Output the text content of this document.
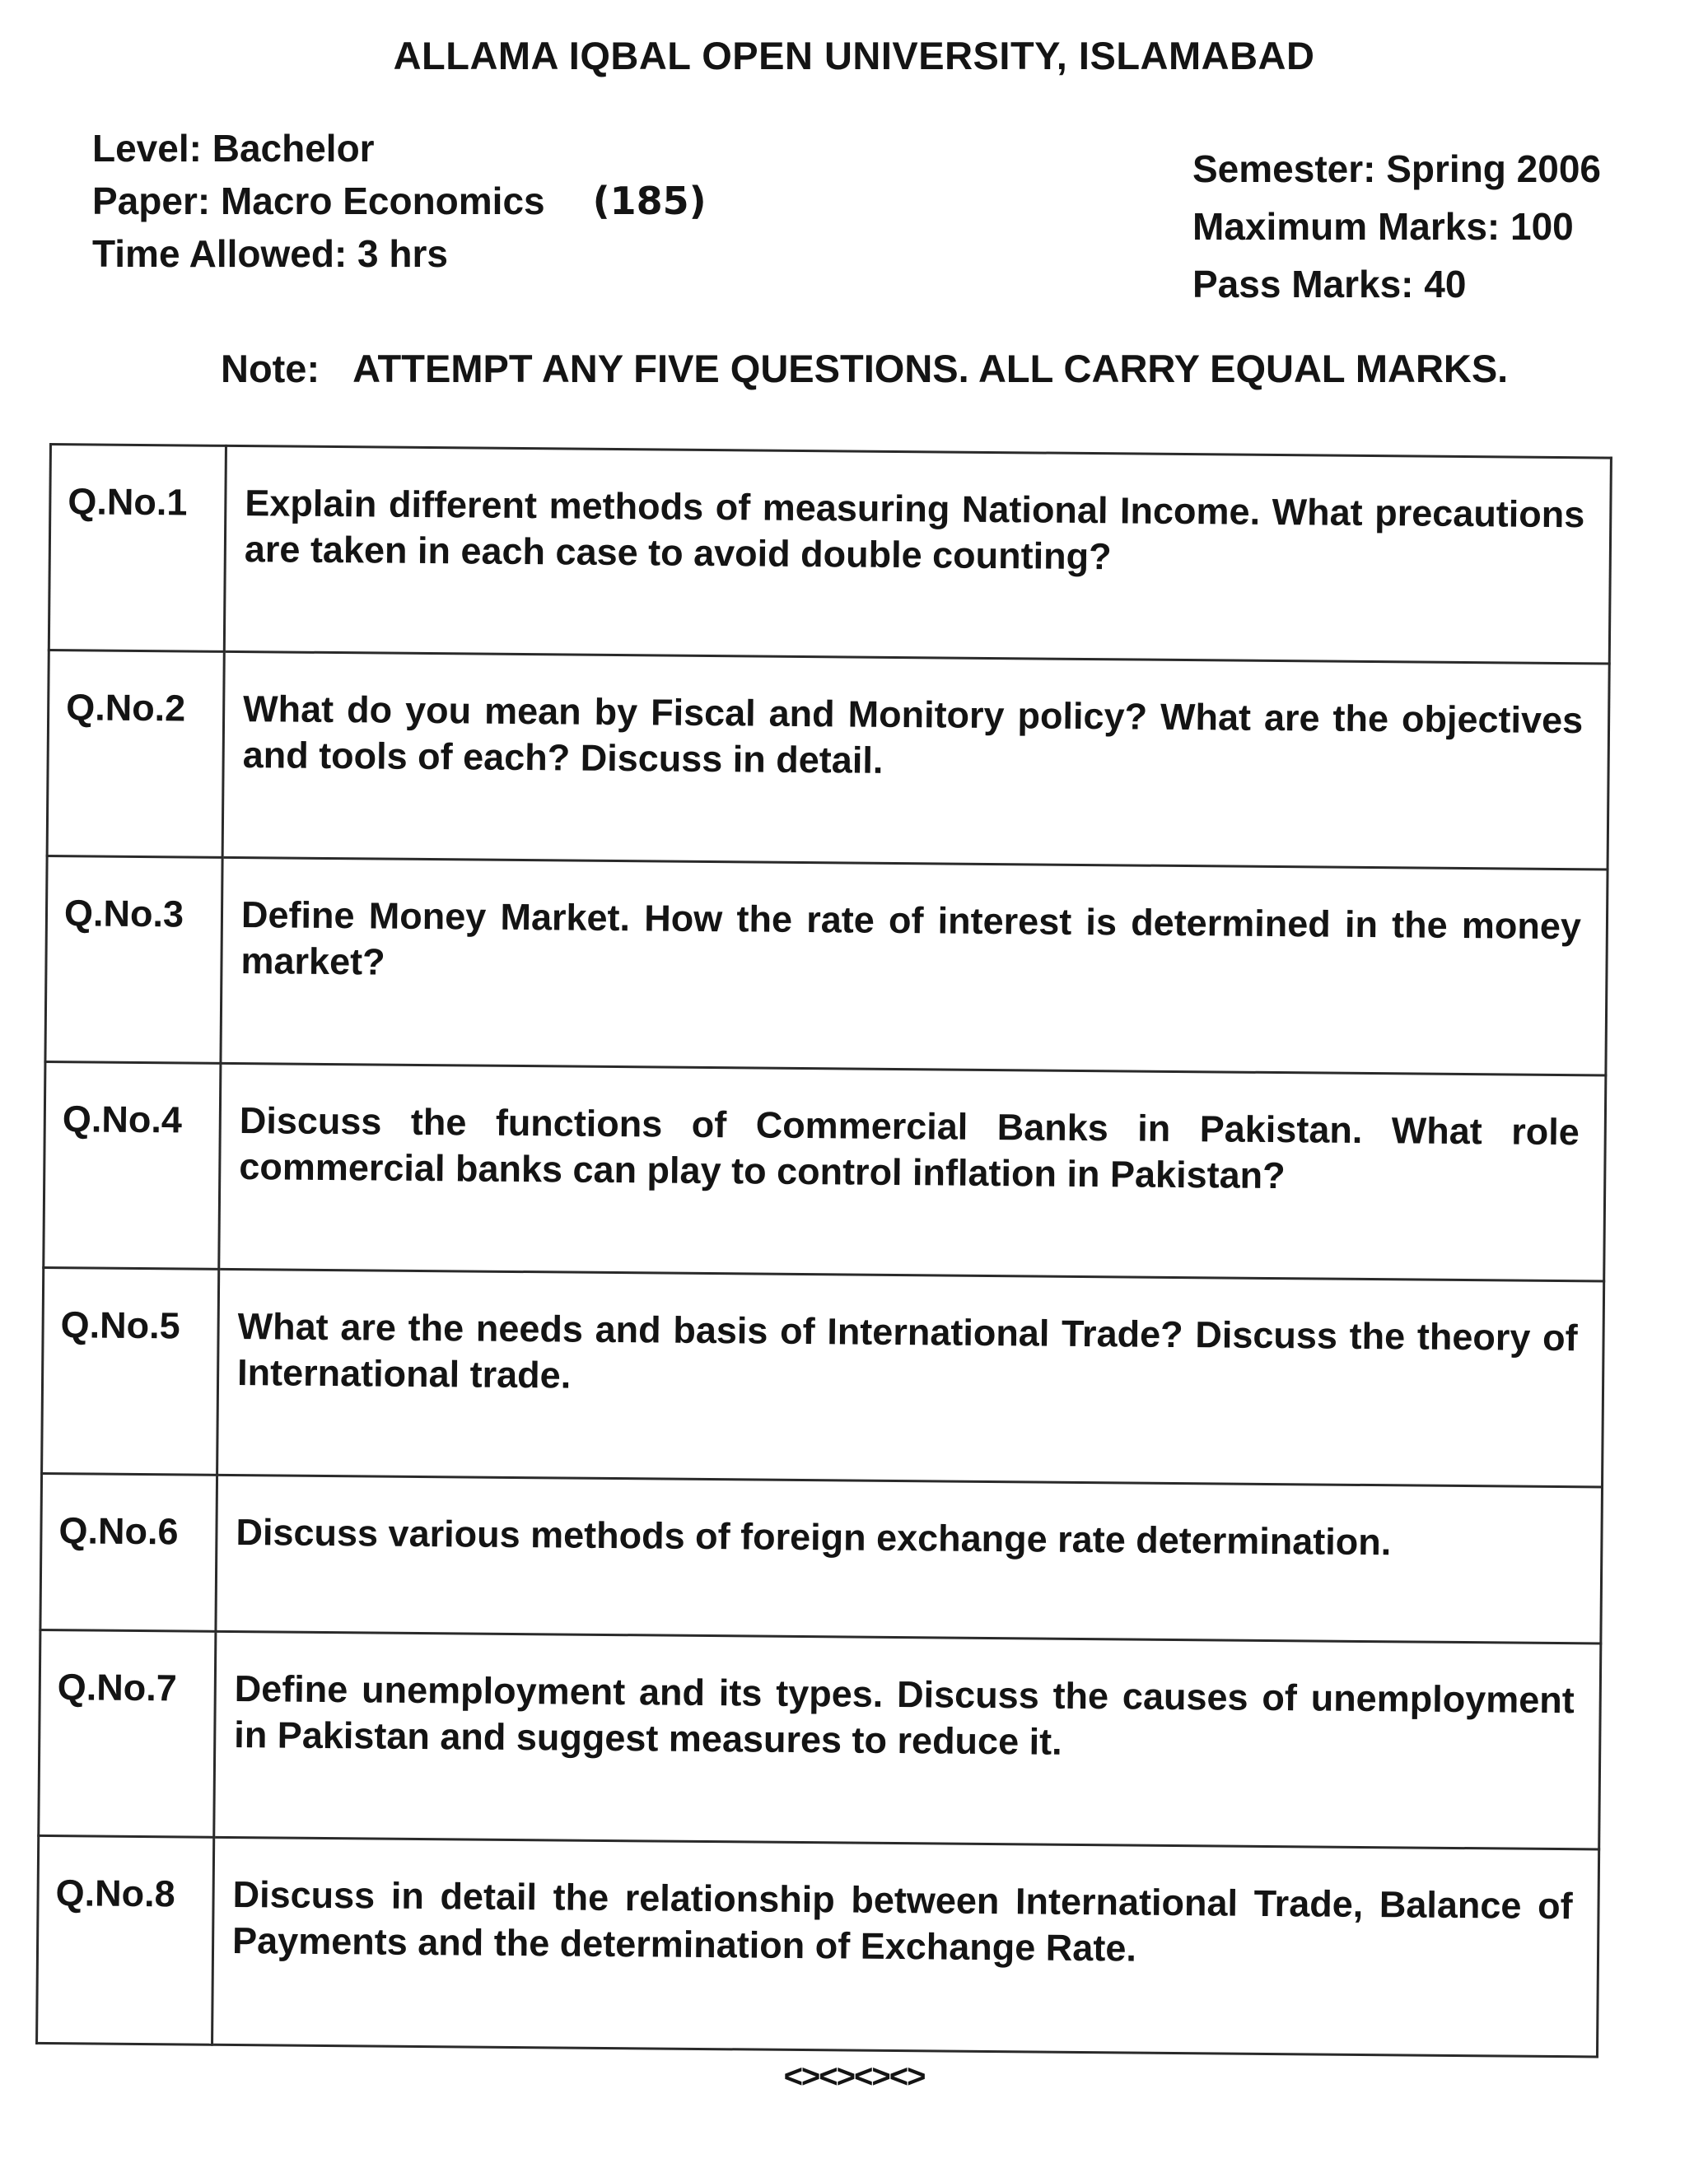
ALLAMA IQBAL OPEN UNIVERSITY, ISLAMABAD
Level: Bachelor
Paper: Macro Economics (185)
Time Allowed: 3 hrs
Semester: Spring 2006
Maximum Marks: 100
Pass Marks: 40
Note: ATTEMPT ANY FIVE QUESTIONS. ALL CARRY EQUAL MARKS.
Q.No.1	Explain different methods of measuring National Income. What precautions are taken in each case to avoid double counting?
Q.No.2	What do you mean by Fiscal and Monitory policy? What are the objectives and tools of each? Discuss in detail.
Q.No.3	Define Money Market. How the rate of interest is determined in the money market?
Q.No.4	Discuss the functions of Commercial Banks in Pakistan. What role commercial banks can play to control inflation in Pakistan?
Q.No.5	What are the needs and basis of International Trade? Discuss the theory of International trade.
Q.No.6	Discuss various methods of foreign exchange rate determination.
Q.No.7	Define unemployment and its types. Discuss the causes of unemployment in Pakistan and suggest measures to reduce it.
Q.No.8	Discuss in detail the relationship between International Trade, Balance of Payments and the determination of Exchange Rate.
<><><><>
